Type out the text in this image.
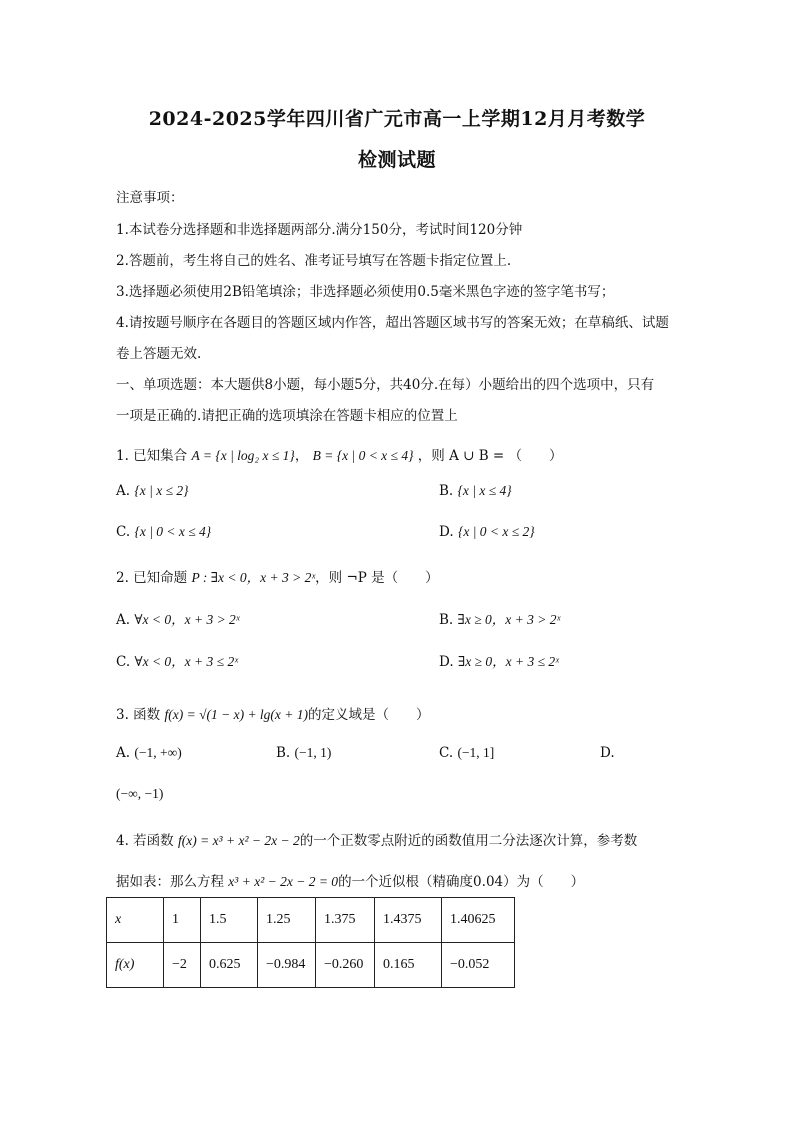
2024-2025学年四川省广元市高一上学期12月月考数学
检测试题
注意事项：
1.本试卷分选择题和非选择题两部分.满分150分，考试时间120分钟
2.答题前，考生将自己的姓名、准考证号填写在答题卡指定位置上.
3.选择题必须使用2B铅笔填涂；非选择题必须使用0.5毫米黑色字迹的签字笔书写；
4.请按题号顺序在各题目的答题区域内作答，超出答题区域书写的答案无效；在草稿纸、试题
卷上答题无效.
一、单项选题：本大题供8小题，每小题5分，共40分.在每）小题给出的四个选项中，只有
一项是正确的.请把正确的选项填涂在答题卡相应的位置上
1. 已知集合 A = {x | log₂ x ≤ 1}， B = {x | 0 < x ≤ 4} ，则 A ∪ B = （　　）
A. {x | x ≤ 2}	B. {x | x ≤ 4}
C. {x | 0 < x ≤ 4}	D. {x | 0 < x ≤ 2}
2. 已知命题 P : ∃x < 0，x + 3 > 2ˣ，则 ¬P 是（　　）
A. ∀x < 0，x + 3 > 2ˣ	B. ∃x ≥ 0，x + 3 > 2ˣ
C. ∀x < 0，x + 3 ≤ 2ˣ	D. ∃x ≥ 0，x + 3 ≤ 2ˣ
3. 函数 f(x) = √(1 − x) + lg(x + 1)的定义域是（　　）
A. (−1, +∞)	B. (−1, 1)	C. (−1, 1]	D.
(−∞, −1)
4. 若函数 f(x) = x³ + x² − 2x − 2的一个正数零点附近的函数值用二分法逐次计算，参考数
据如表：那么方程 x³ + x² − 2x − 2 = 0的一个近似根（精确度0.04）为（　　）
x	1	1.5	1.25	1.375	1.4375	1.40625
f(x)	−2	0.625	−0.984	−0.260	0.165	−0.052
